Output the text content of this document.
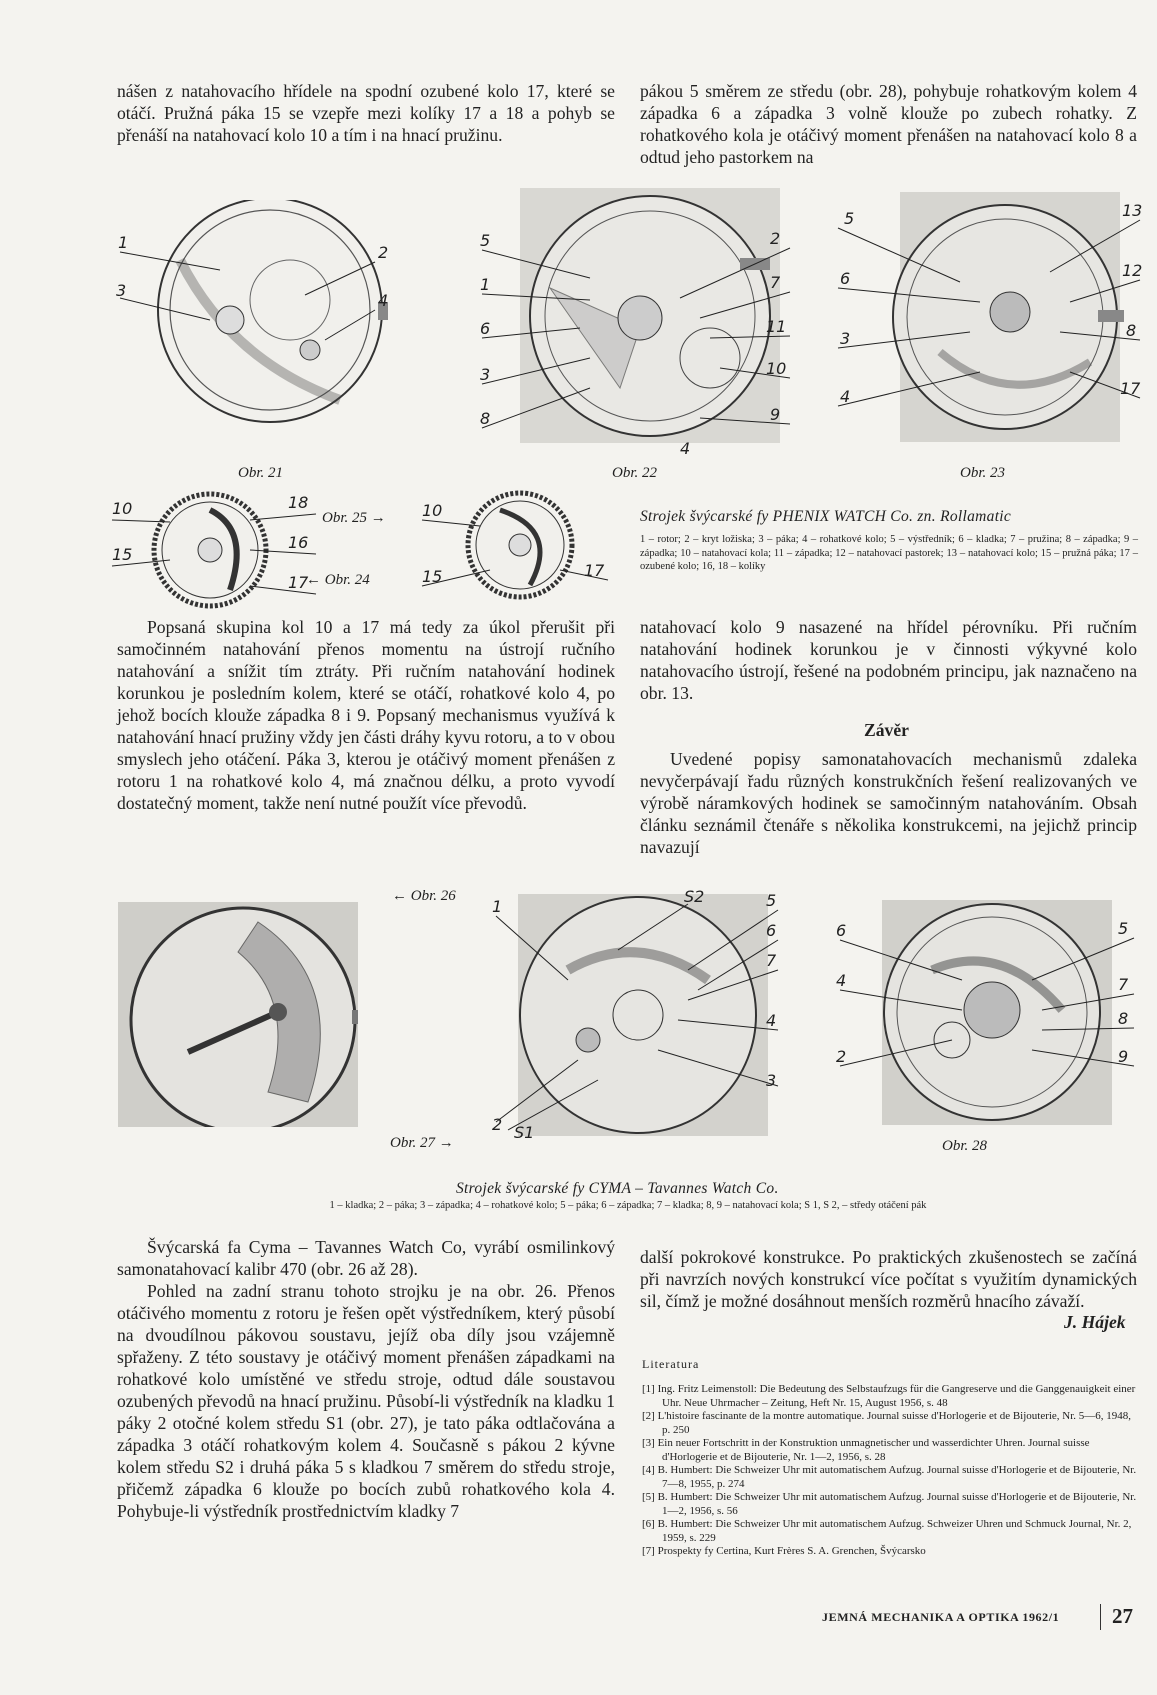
nášen z natahovacího hřídele na spodní ozubené kolo 17, které se otáčí. Pružná páka 15 se vzepře mezi kolíky 17 a 18 a pohyb se přenáší na natahovací kolo 10 a tím i na hnací pružinu.

pákou 5 směrem ze středu (obr. 28), pohybuje rohatkovým kolem 4 západka 6 a západka 3 volně klouže po zubech rohatky. Z rohatkového kola je otáčivý moment přenášen na natahovací kolo 8 a odtud jeho pastorkem na

1
3
2
4
Obr. 21
5
1
6
3
8
2
7
11
10
9
4
Obr. 22
5
6
3
4
13
12
8
17
Obr. 23
10
15
18
16
17
Obr. 25 →
← Obr. 24
10
15	17
Strojek švýcarské fy PHENIX WATCH Co. zn. Rollamatic
1 – rotor; 2 – kryt ložiska; 3 – páka; 4 – rohatkové kolo; 5 – výstředník; 6 – kladka; 7 – pružina; 8 – západka; 9 – západka; 10 – natahovací kola; 11 – západka; 12 – natahovací pastorek; 13 – natahovací kolo; 15 – pružná páka; 17 – ozubené kolo; 16, 18 – kolíky

Popsaná skupina kol 10 a 17 má tedy za úkol přerušit při samočinném natahování přenos momentu na ústrojí ručního natahování a snížit tím ztráty. Při ručním natahování hodinek korunkou je posledním kolem, které se otáčí, rohatkové kolo 4, po jehož bocích klouže západka 8 i 9. Popsaný mechanismus využívá k natahování hnací pružiny vždy jen části dráhy kyvu rotoru, a to v obou smyslech jeho otáčení. Páka 3, kterou je otáčivý moment přenášen z rotoru 1 na rohatkové kolo 4, má značnou délku, a proto vyvodí dostatečný moment, takže není nutné použít více převodů.

natahovací kolo 9 nasazené na hřídel pérovníku. Při ručním natahování hodinek korunkou je v činnosti výkyvné kolo natahovacího ústrojí, řešené na podobném principu, jak naznačeno na obr. 13.

Závěr

Uvedené popisy samonatahovacích mechanismů zdaleka nevyčerpávají řadu různých konstrukčních řešení realizovaných ve výrobě náramkových hodinek se samočinným natahováním. Obsah článku seznámil čtenáře s několika konstrukcemi, na jejichž princip navazují

← Obr. 26
1
S2	5
6
7
4
3
2 S1
Obr. 27 →
6
4
2
5
7
8
9
Obr. 28
Strojek švýcarské fy CYMA – Tavannes Watch Co.
1 – kladka; 2 – páka; 3 – západka; 4 – rohatkové kolo; 5 – páka; 6 – západka; 7 – kladka; 8, 9 – natahovací kola; S 1, S 2, – středy otáčení pák

Švýcarská fa Cyma – Tavannes Watch Co, vyrábí osmilinkový samonatahovací kalibr 470 (obr. 26 až 28).

Pohled na zadní stranu tohoto strojku je na obr. 26. Přenos otáčivého momentu z rotoru je řešen opět výstředníkem, který působí na dvoudílnou pákovou soustavu, jejíž oba díly jsou vzájemně spřaženy. Z této soustavy je otáčivý moment přenášen západkami na rohatkové kolo umístěné ve středu stroje, odtud dále soustavou ozubených převodů na hnací pružinu. Působí-li výstředník na kladku 1 páky 2 otočné kolem středu S1 (obr. 27), je tato páka odtlačována a západka 3 otáčí rohatkovým kolem 4. Současně s pákou 2 kývne kolem středu S2 i druhá páka 5 s kladkou 7 směrem do středu stroje, přičemž západka 6 klouže po bocích zubů rohatkového kola 4. Pohybuje-li výstředník prostřednictvím kladky 7

další pokrokové konstrukce. Po praktických zkušenostech se začíná při navrzích nových konstrukcí více počítat s využitím dynamických sil, čímž je možné dosáhnout menších rozměrů hnacího závaží.

J. Hájek
Literatura
[1] Ing. Fritz Leimenstoll: Die Bedeutung des Selbstaufzugs für die Gangreserve und die Ganggenauigkeit einer Uhr. Neue Uhrmacher – Zeitung, Heft Nr. 15, August 1956, s. 48
[2] L'histoire fascinante de la montre automatique. Journal suisse d'Horlogerie et de Bijouterie, Nr. 5—6, 1948, p. 250
[3] Ein neuer Fortschritt in der Konstruktion unmagnetischer und wasserdichter Uhren. Journal suisse d'Horlogerie et de Bijouterie, Nr. 1—2, 1956, s. 28
[4] B. Humbert: Die Schweizer Uhr mit automatischem Aufzug. Journal suisse d'Horlogerie et de Bijouterie, Nr. 7—8, 1955, p. 274
[5] B. Humbert: Die Schweizer Uhr mit automatischem Aufzug. Journal suisse d'Horlogerie et de Bijouterie, Nr. 1—2, 1956, s. 56
[6] B. Humbert: Die Schweizer Uhr mit automatischem Aufzug. Schweizer Uhren und Schmuck Journal, Nr. 2, 1959, s. 229
[7] Prospekty fy Certina, Kurt Frères S. A. Grenchen, Švýcarsko
JEMNÁ MECHANIKA A OPTIKA 1962/1	27
